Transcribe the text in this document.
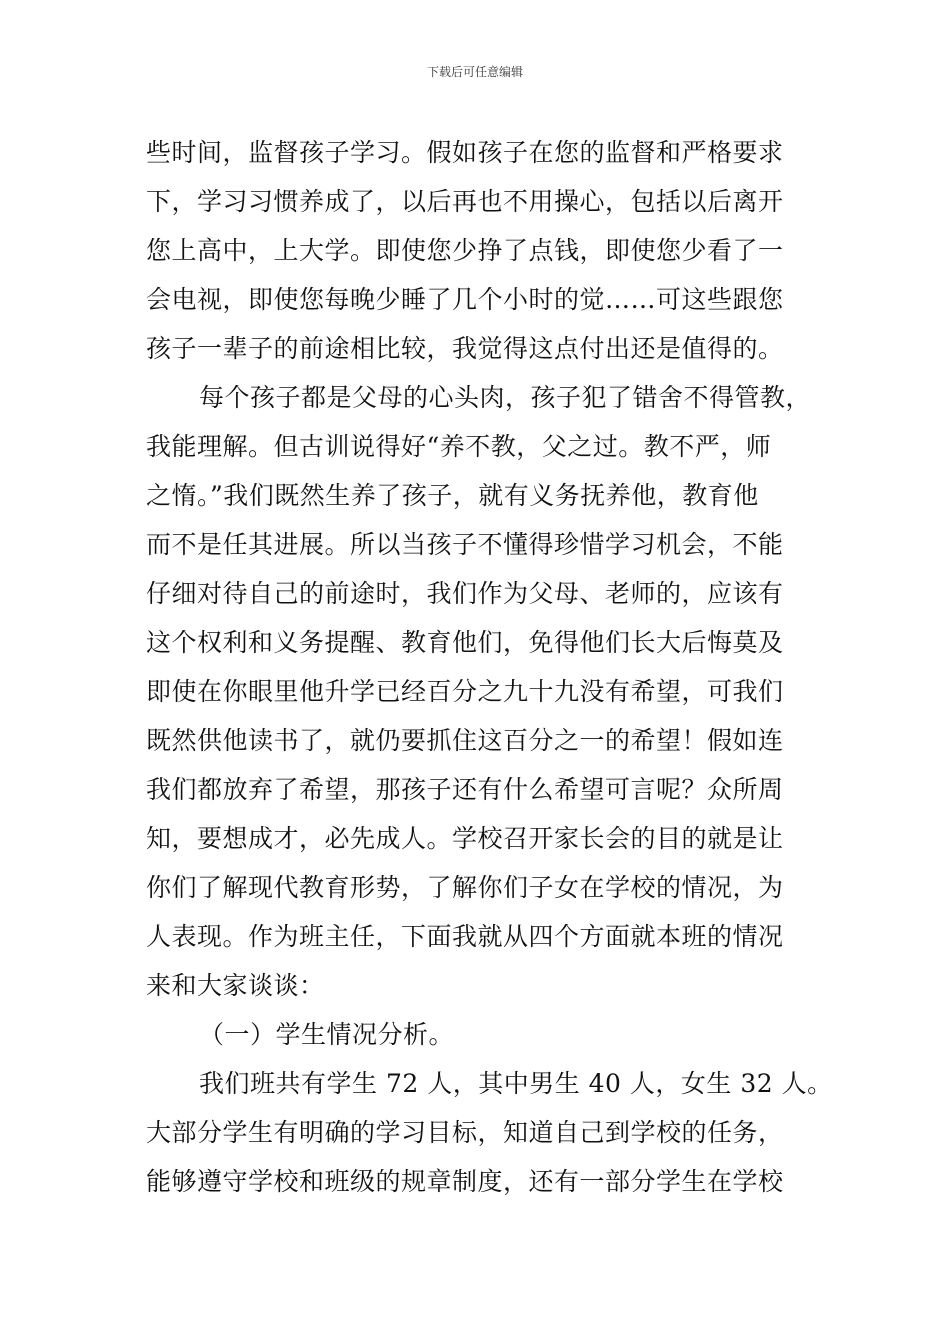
下载后可任意编辑
些时间，监督孩子学习。假如孩子在您的监督和严格要求
下，学习习惯养成了，以后再也不用操心，包括以后离开
您上高中，上大学。即使您少挣了点钱，即使您少看了一
会电视，即使您每晚少睡了几个小时的觉……可这些跟您
孩子一辈子的前途相比较，我觉得这点付出还是值得的。
每个孩子都是父母的心头肉，孩子犯了错舍不得管教，
我能理解。但古训说得好“养不教，父之过。教不严，师
之惰。”我们既然生养了孩子，就有义务抚养他，教育他
而不是任其进展。所以当孩子不懂得珍惜学习机会，不能
仔细对待自己的前途时，我们作为父母、老师的，应该有
这个权利和义务提醒、教育他们，免得他们长大后悔莫及
即使在你眼里他升学已经百分之九十九没有希望，可我们
既然供他读书了，就仍要抓住这百分之一的希望！假如连
我们都放弃了希望，那孩子还有什么希望可言呢？众所周
知，要想成才，必先成人。学校召开家长会的目的就是让
你们了解现代教育形势，了解你们子女在学校的情况，为
人表现。作为班主任，下面我就从四个方面就本班的情况
来和大家谈谈：
（一）学生情况分析。
我们班共有学生 72 人，其中男生 40 人，女生 32 人。
大部分学生有明确的学习目标，知道自己到学校的任务，
能够遵守学校和班级的规章制度，还有一部分学生在学校
